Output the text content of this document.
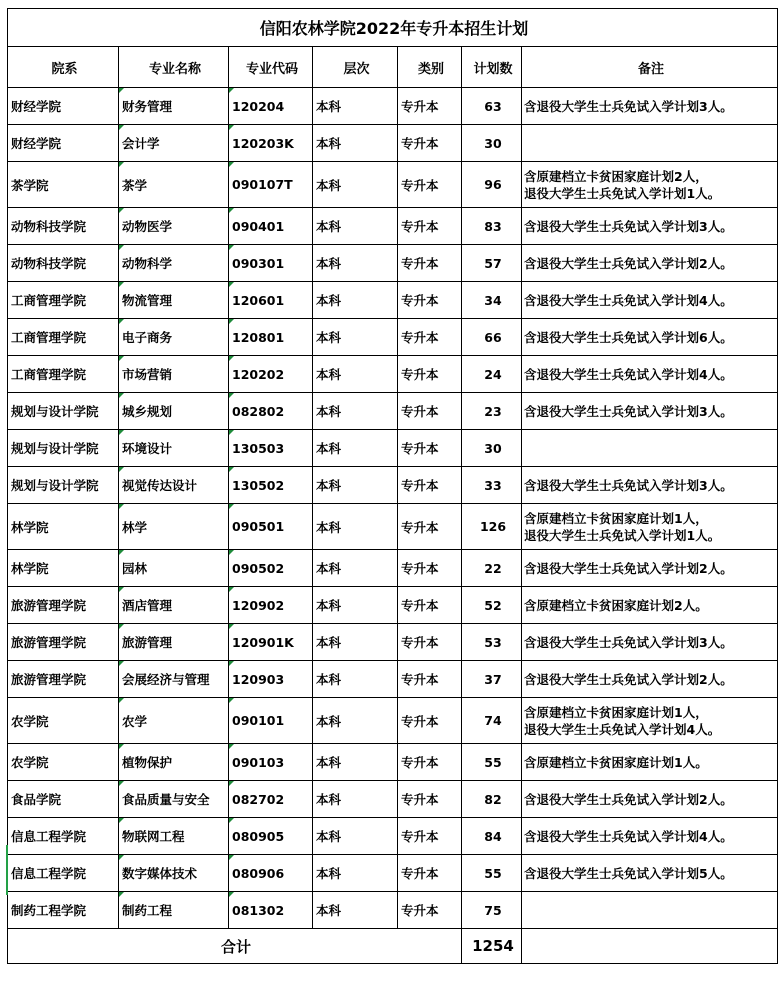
信阳农林学院2022年专升本招生计划						
院系	专业名称	专业代码	层次	类别	计划数	备注
财经学院	财务管理	120204	本科	专升本	63	含退役大学生士兵免试入学计划3人。

财经学院	会计学	120203K	本科	专升本	30	
茶学院	茶学	090107T	本科	专升本	96	含原建档立卡贫困家庭计划2人，
退役大学生士兵免试入学计划1人。

动物科技学院	动物医学	090401	本科	专升本	83	含退役大学生士兵免试入学计划3人。

动物科技学院	动物科学	090301	本科	专升本	57	含退役大学生士兵免试入学计划2人。

工商管理学院	物流管理	120601	本科	专升本	34	含退役大学生士兵免试入学计划4人。

工商管理学院	电子商务	120801	本科	专升本	66	含退役大学生士兵免试入学计划6人。

工商管理学院	市场营销	120202	本科	专升本	24	含退役大学生士兵免试入学计划4人。

规划与设计学院	城乡规划	082802	本科	专升本	23	含退役大学生士兵免试入学计划3人。

规划与设计学院	环境设计	130503	本科	专升本	30	
规划与设计学院	视觉传达设计	130502	本科	专升本	33	含退役大学生士兵免试入学计划3人。

林学院	林学	090501	本科	专升本	126	含原建档立卡贫困家庭计划1人，
退役大学生士兵免试入学计划1人。

林学院	园林	090502	本科	专升本	22	含退役大学生士兵免试入学计划2人。

旅游管理学院	酒店管理	120902	本科	专升本	52	含原建档立卡贫困家庭计划2人。

旅游管理学院	旅游管理	120901K	本科	专升本	53	含退役大学生士兵免试入学计划3人。

旅游管理学院	会展经济与管理	120903	本科	专升本	37	含退役大学生士兵免试入学计划2人。

农学院	农学	090101	本科	专升本	74	含原建档立卡贫困家庭计划1人，
退役大学生士兵免试入学计划4人。

农学院	植物保护	090103	本科	专升本	55	含原建档立卡贫困家庭计划1人。

食品学院	食品质量与安全	082702	本科	专升本	82	含退役大学生士兵免试入学计划2人。

信息工程学院	物联网工程	080905	本科	专升本	84	含退役大学生士兵免试入学计划4人。

信息工程学院	数字媒体技术	080906	本科	专升本	55	含退役大学生士兵免试入学计划5人。

制药工程学院	制药工程	081302	本科	专升本	75	
合计					1254	
